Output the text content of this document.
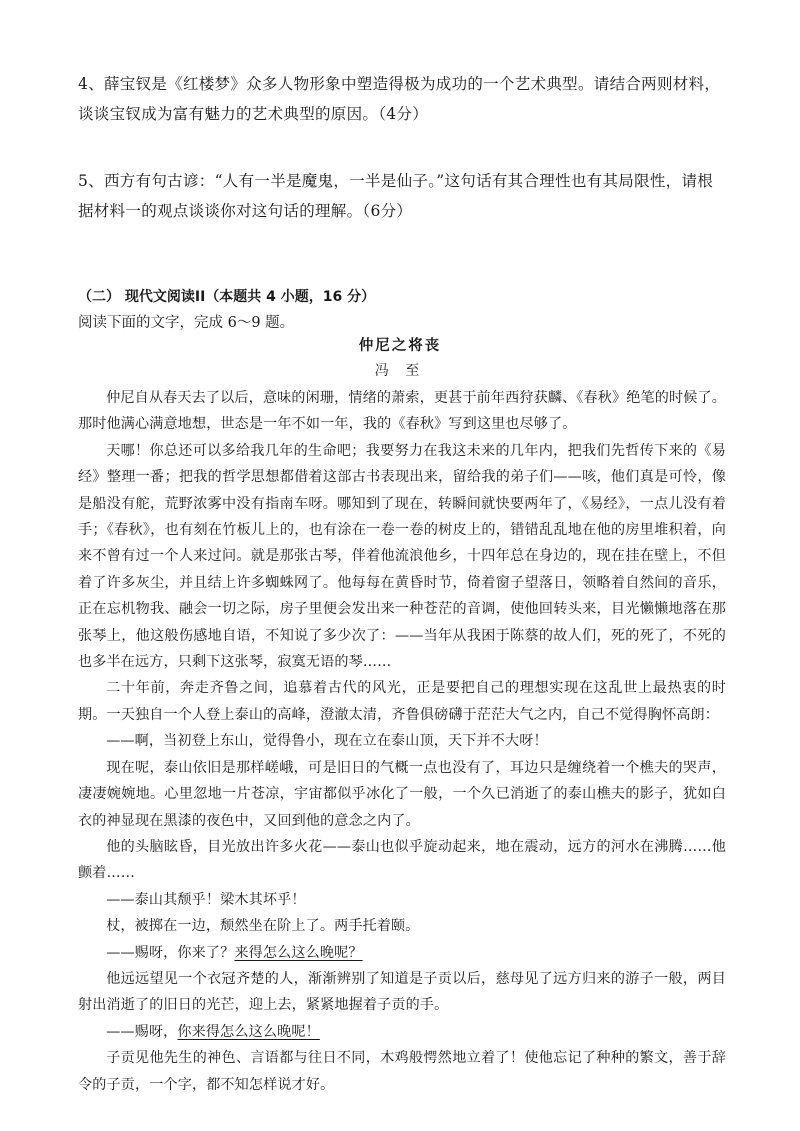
4、薛宝钗是《红楼梦》众多人物形象中塑造得极为成功的一个艺术典型。请结合两则材料，谈谈宝钗成为富有魅力的艺术典型的原因。（4分）
5、西方有句古谚：“人有一半是魔鬼，一半是仙子。”这句话有其合理性也有其局限性，请根据材料一的观点谈谈你对这句话的理解。（6分）
（二） 现代文阅读II（本题共 4 小题，16 分）
阅读下面的文字，完成 6～9 题。
仲尼之将丧
冯 至

仲尼自从春天去了以后，意味的闲珊，情绪的萧索，更甚于前年西狩获麟、《春秋》绝笔的时候了。那时他满心满意地想，世态是一年不如一年，我的《春秋》写到这里也尽够了。

天哪！你总还可以多给我几年的生命吧；我要努力在我这未来的几年内，把我们先哲传下来的《易经》整理一番；把我的哲学思想都借着这部古书表现出来，留给我的弟子们——咳，他们真是可怜，像是船没有舵，荒野浓雾中没有指南车呀。哪知到了现在，转瞬间就快要两年了，《易经》，一点儿没有着手；《春秋》，也有刻在竹板儿上的，也有涂在一卷一卷的树皮上的，错错乱乱地在他的房里堆积着，向来不曾有过一个人来过问。就是那张古琴，伴着他流浪他乡，十四年总在身边的，现在挂在壁上，不但着了许多灰尘，并且结上许多蜘蛛网了。他每每在黄昏时节，倚着窗子望落日，领略着自然间的音乐，正在忘机物我、融会一切之际，房子里便会发出来一种苍茫的音调，使他回转头来，目光懒懒地落在那张琴上，他这般伤感地自语，不知说了多少次了：——当年从我困于陈蔡的故人们，死的死了，不死的也多半在远方，只剩下这张琴，寂寞无语的琴……

二十年前，奔走齐鲁之间，追慕着古代的风光，正是要把自己的理想实现在这乱世上最热衷的时期。一天独自一个人登上泰山的高峰，澄澈太清，齐鲁俱磅礴于茫茫大气之内，自己不觉得胸怀高朗：

——啊，当初登上东山，觉得鲁小，现在立在泰山顶，天下并不大呀！

现在呢，泰山依旧是那样嵯峨，可是旧日的气概一点也没有了，耳边只是缠绕着一个樵夫的哭声，凄凄婉婉地。心里忽地一片苍凉，宇宙都似乎冰化了一般，一个久已消逝了的泰山樵夫的影子，犹如白衣的神显现在黑漆的夜色中，又回到他的意念之内了。

他的头脑眩昏，目光放出许多火花——泰山也似乎旋动起来，地在震动，远方的河水在沸腾……他颤着……

——泰山其颓乎！梁木其坏乎！

杖，被掷在一边，颓然坐在阶上了。两手托着颐。

——赐呀，你来了？来得怎么这么晚呢？

他远远望见一个衣冠齐楚的人，渐渐辨别了知道是子贡以后，慈母见了远方归来的游子一般，两目射出消逝了的旧日的光芒，迎上去，紧紧地握着子贡的手。

——赐呀，你来得怎么这么晚呢！

子贡见他先生的神色、言语都与往日不同，木鸡般愕然地立着了！使他忘记了种种的繁文，善于辞令的子贡，一个字，都不知怎样说才好。
